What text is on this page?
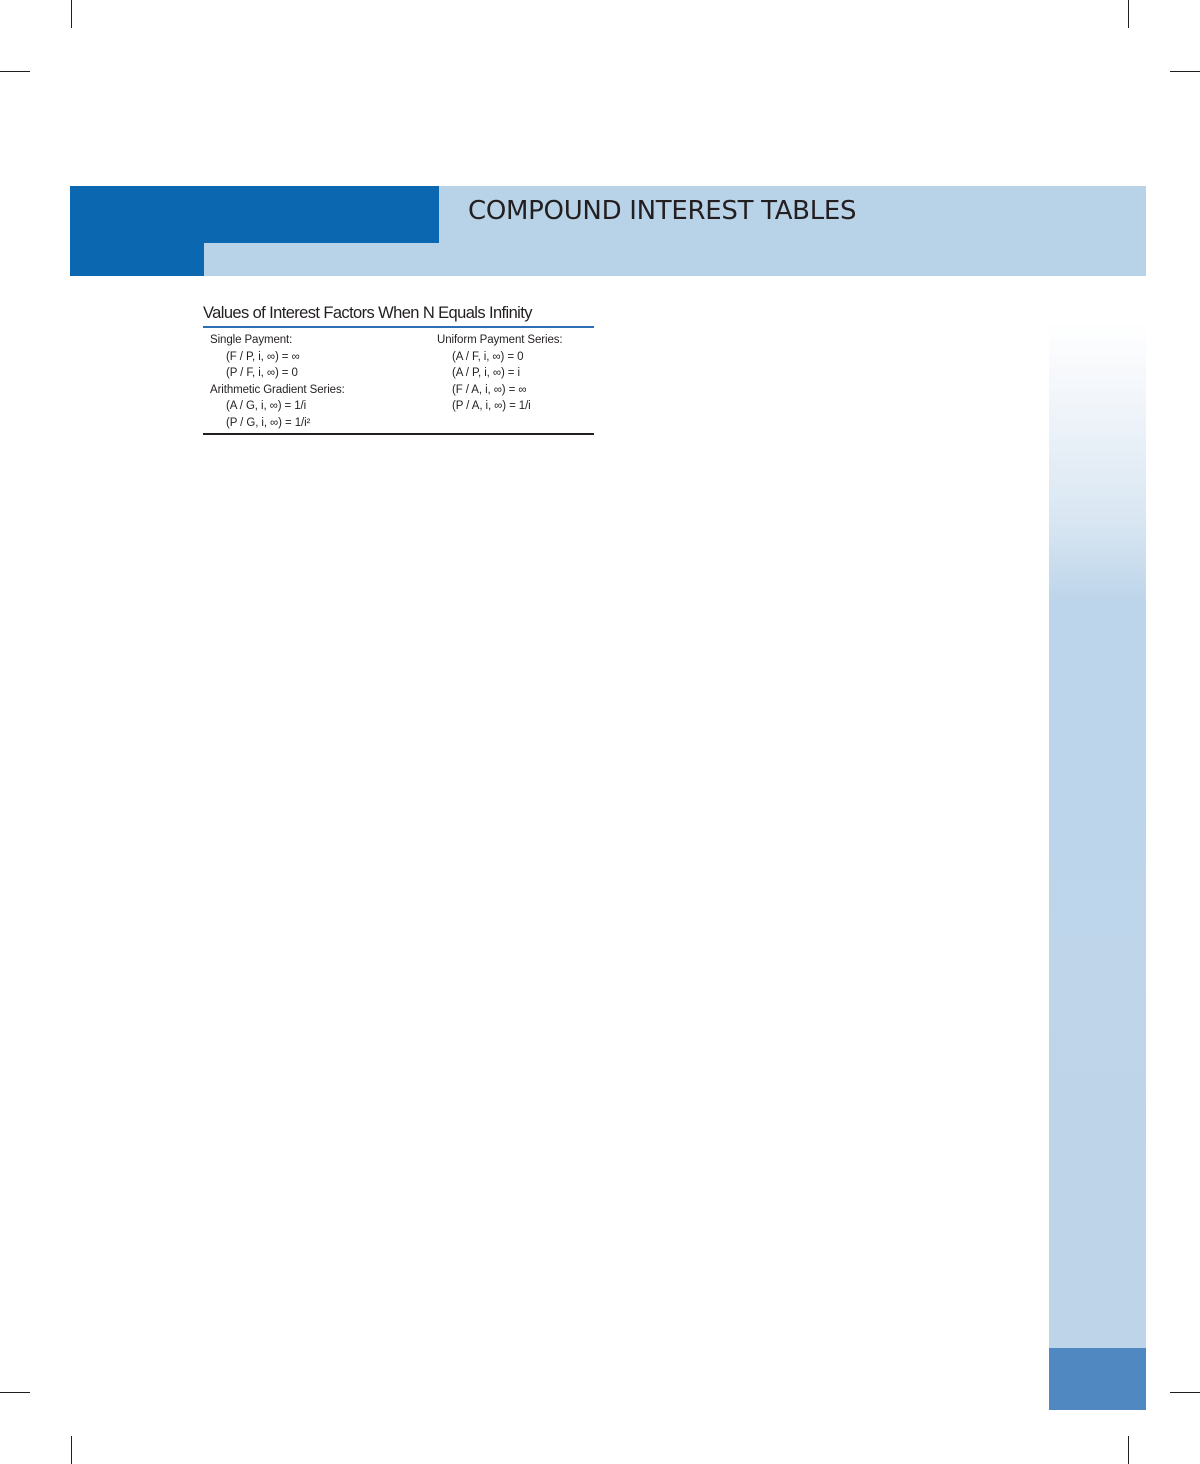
COMPOUND INTEREST TABLES
Values of Interest Factors When N Equals Infinity
Single Payment:
(F / P, i, ∞) = ∞
(P / F, i, ∞) = 0
Arithmetic Gradient Series:
(A / G, i, ∞) = 1/i
(P / G, i, ∞) = 1/i²
Uniform Payment Series:
(A / F, i, ∞) = 0
(A / P, i, ∞) = i
(F / A, i, ∞) = ∞
(P / A, i, ∞) = 1/i
